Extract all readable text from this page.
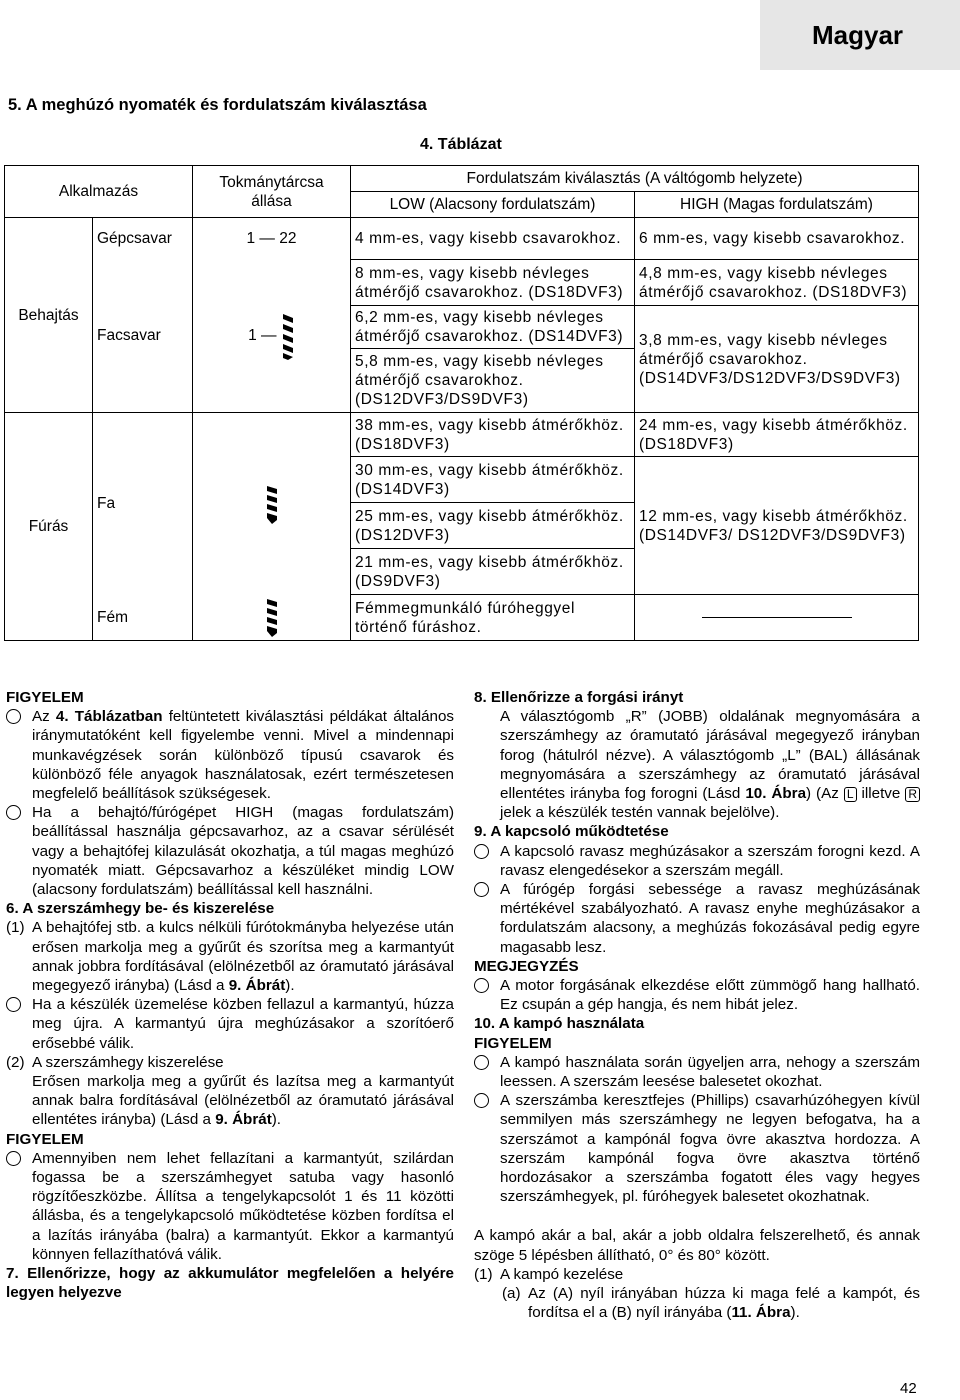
Magyar
5. A meghúzó nyomaték és fordulatszám kiválasztása
4. Táblázat
Alkalmazás		Tokmánytárcsa állása	Fordulatszám kiválasztás (A váltógomb helyzete)	
			LOW (Alacsony fordulatszám)	HIGH (Magas fordulatszám)
Behajtás	Gépcsavar	1 — 22	4 mm-es, vagy kisebb csavarokhoz.	6 mm-es, vagy kisebb csavarokhoz.
	Facsavar	1 —	8 mm-es, vagy kisebb névleges átmérőjő csavarokhoz. (DS18DVF3)	4,8 mm-es, vagy kisebb névleges átmérőjő csavarokhoz. (DS18DVF3)
			6,2 mm-es, vagy kisebb névleges átmérőjő csavarokhoz. (DS14DVF3)	3,8 mm-es, vagy kisebb névleges átmérőjő csavarokhoz.
(DS14DVF3/DS12DVF3/DS9DVF3)

			5,8 mm-es, vagy kisebb névleges átmérőjő csavarokhoz.
(DS12DVF3/DS9DVF3)	

Fúrás	Fa		38 mm-es, vagy kisebb átmérőkhöz. (DS18DVF3)	24 mm-es, vagy kisebb átmérőkhöz. (DS18DVF3)
			30 mm-es, vagy kisebb átmérőkhöz. (DS14DVF3)	12 mm-es, vagy kisebb átmérőkhöz. (DS14DVF3/ DS12DVF3/DS9DVF3)
			25 mm-es, vagy kisebb átmérőkhöz. (DS12DVF3)	
			21 mm-es, vagy kisebb átmérőkhöz. (DS9DVF3)	
	Fém		Fémmegmunkáló fúróheggyel történő fúráshoz.	

FIGYELEM

Az 4. Táblázatban feltüntetett kiválasztási példákat általános iránymutatóként kell figyelembe venni. Mivel a mindennapi munkavégzések során különböző típusú csavarok és különböző féle anyagok használatosak, ezért természetesen megfelelő beállítások szükségesek.

Ha a behajtó/fúrógépet HIGH (magas fordulatszám) beállítással használja gépcsavarhoz, az a csavar sérülését vagy a behajtófej kilazulását okozhatja, a túl magas meghúzó nyomaték miatt. Gépcsavarhoz a készüléket mindig LOW (alacsony fordulatszám) beállítással kell használni.

6. A szerszámhegy be- és kiszerelése

(1) A behajtófej stb. a kulcs nélküli fúrótokmányba helyezése után erősen markolja meg a gyűrűt és szorítsa meg a karmantyút annak jobbra fordításával (elölnézetből az óramutató járásával megegyező irányba) (Lásd a 9. Ábrát).

Ha a készülék üzemelése közben fellazul a karmantyú, húzza meg újra. A karmantyú újra meghúzásakor a szorítóerő erősebbé válik.

(2) A szerszámhegy kiszerelése

Erősen markolja meg a gyűrűt és lazítsa meg a karmantyút annak balra fordításával (elölnézetből az óramutató járásával ellentétes irányba) (Lásd a 9. Ábrát).

FIGYELEM

Amennyiben nem lehet fellazítani a karmantyút, szilárdan fogassa be a szerszámhegyet satuba vagy hasonló rögzítőeszközbe. Állítsa a tengelykapcsolót 1 és 11 közötti állásba, és a tengelykapcsoló működtetése közben fordítsa el a lazítás irányába (balra) a karmantyút. Ekkor a karmantyú könnyen fellazíthatóvá válik.

7. Ellenőrizze, hogy az akkumulátor megfelelően a helyére legyen helyezve

8. Ellenőrizze a forgási irányt

A választógomb „R” (JOBB) oldalának megnyomására a szerszámhegy az óramutató járásával megegyező irányban forog (hátulról nézve). A választógomb „L” (BAL) állásának megnyomására a szerszámhegy az óramutató járásával ellentétes irányba fog forogni (Lásd 10. Ábra) (Az L illetve R jelek a készülék testén vannak bejelölve).

9. A kapcsoló működtetése

A kapcsoló ravasz meghúzásakor a szerszám forogni kezd. A ravasz elengedésekor a szerszám megáll.

A fúrógép forgási sebessége a ravasz meghúzásának mértékével szabályozható. A ravasz enyhe meghúzásakor a fordulatszám alacsony, a meghúzás fokozásával pedig egyre magasabb lesz.

MEGJEGYZÉS

A motor forgásának elkezdése előtt zümmögő hang hallható. Ez csupán a gép hangja, és nem hibát jelez.

10. A kampó használata

FIGYELEM

A kampó használata során ügyeljen arra, nehogy a szerszám leessen. A szerszám leesése balesetet okozhat.

A szerszámba keresztfejes (Phillips) csavarhúzóhegyen kívül semmilyen más szerszámhegy ne legyen befogatva, ha a szerszámot a kampónál fogva övre akasztva hordozza. A szerszám kampónál fogva övre akasztva történő hordozásakor a szerszámba fogatott éles vagy hegyes szerszámhegyek, pl. fúróhegyek balesetet okozhatnak.

A kampó akár a bal, akár a jobb oldalra felszerelhető, és annak szöge 5 lépésben állítható, 0° és 80° között.

(1) A kampó kezelése

(a) Az (A) nyíl irányában húzza ki maga felé a kampót, és fordítsa el a (B) nyíl irányába (11. Ábra).

42
